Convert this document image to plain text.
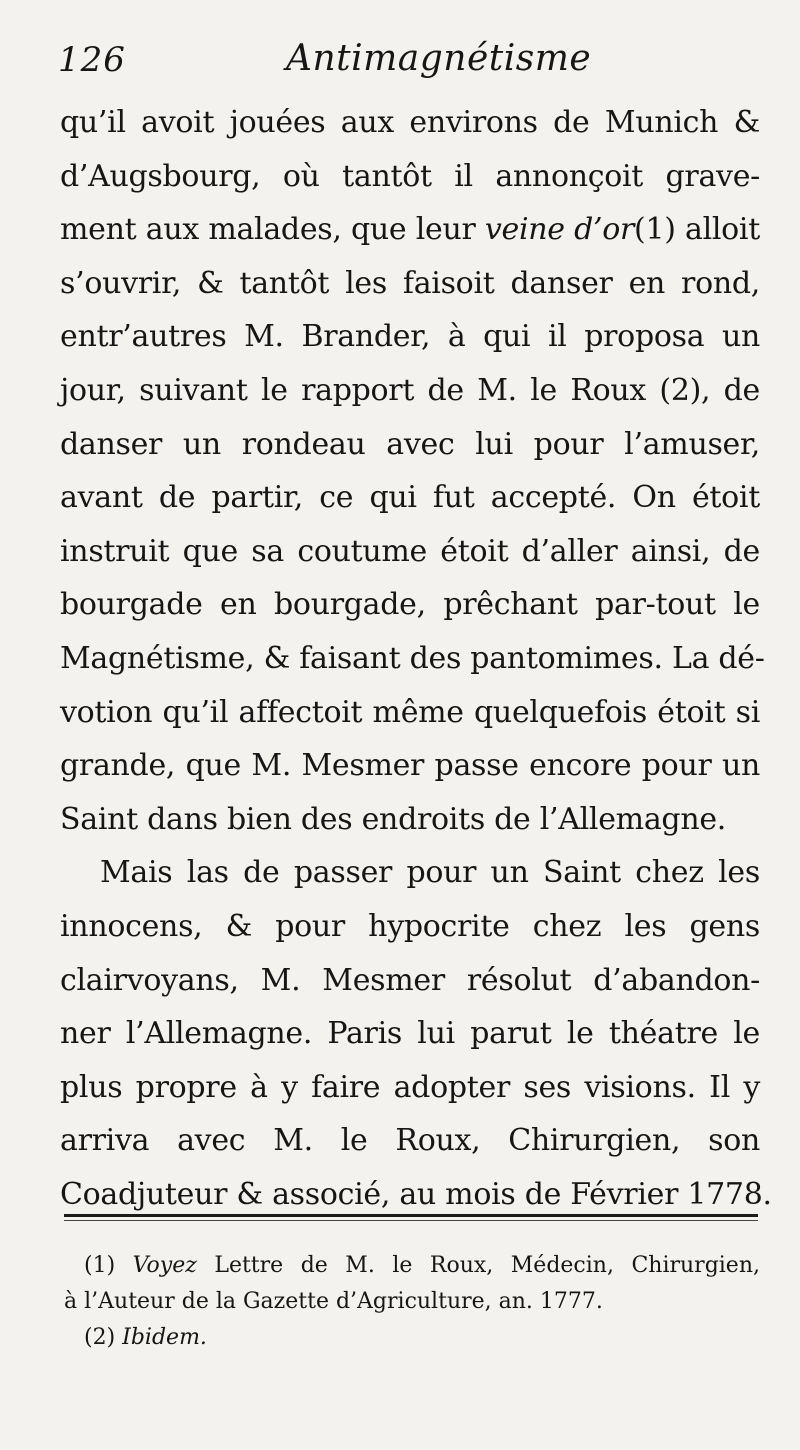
126	Antimagnétisme
qu’il avoit jouées aux environs de Munich &
d’Augsbourg, où tantôt il annonçoit grave-
ment aux malades, que leur veine d’or(1) alloit
s’ouvrir, & tantôt les faisoit danser en rond,
entr’autres M. Brander, à qui il proposa un
jour, suivant le rapport de M. le Roux (2), de
danser un rondeau avec lui pour l’amuser,
avant de partir, ce qui fut accepté. On étoit
instruit que sa coutume étoit d’aller ainsi, de
bourgade en bourgade, prêchant par-tout le
Magnétisme, & faisant des pantomimes. La dé-
votion qu’il affectoit même quelquefois étoit si
grande, que M. Mesmer passe encore pour un
Saint dans bien des endroits de l’Allemagne.
Mais las de passer pour un Saint chez les
innocens, & pour hypocrite chez les gens
clairvoyans, M. Mesmer résolut d’abandon-
ner l’Allemagne. Paris lui parut le théatre le
plus propre à y faire adopter ses visions. Il y
arriva avec M. le Roux, Chirurgien, son
Coadjuteur & associé, au mois de Février 1778.
(1) Voyez Lettre de M. le Roux, Médecin, Chirurgien,
à l’Auteur de la Gazette d’Agriculture, an. 1777.
(2) Ibidem.
